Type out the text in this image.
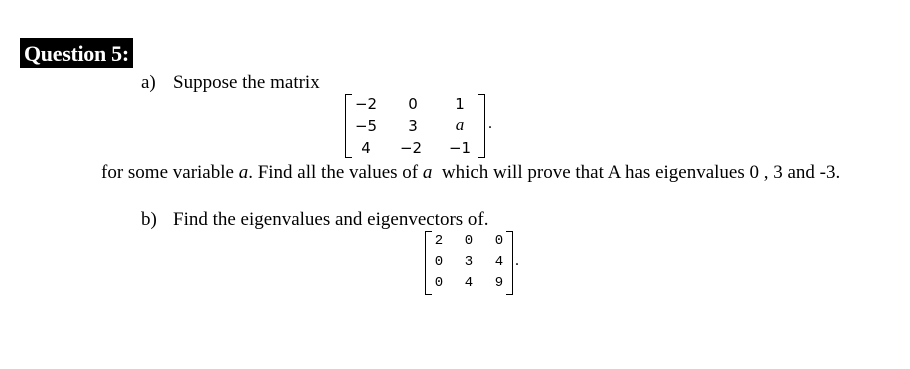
Question 5:
a) Suppose the matrix
−2	0	1
−5	3	a
4	−2	−1
.
for some variable a. Find all the values of a  which will prove that A has eigenvalues 0 , 3 and -3.
b) Find the eigenvalues and eigenvectors of.
2 0 0
0 3 4
0 4 9
.
